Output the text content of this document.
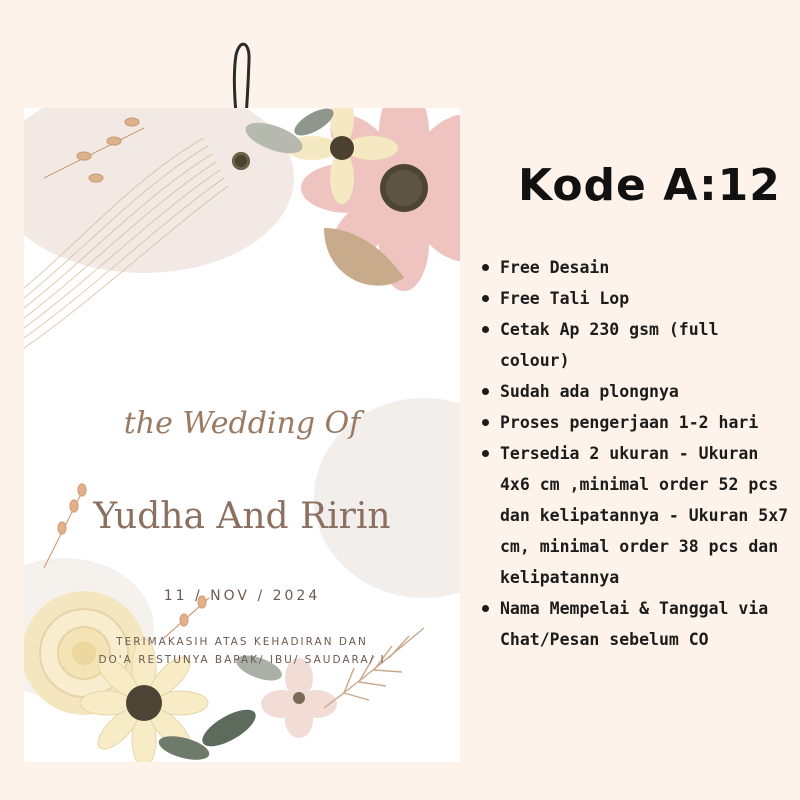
the Wedding Of
Yudha And Ririn
11 / NOV / 2024
TERIMAKASIH ATAS KEHADIRAN DAN
DO'A RESTUNYA BAPAK/ IBU/ SAUDARA/ I
Kode A:12
Free Desain
Free Tali Lop
Cetak Ap 230 gsm (full colour)
Sudah ada plongnya
Proses pengerjaan 1-2 hari
Tersedia 2 ukuran - Ukuran 4x6 cm ,minimal order 52 pcs dan kelipatannya - Ukuran 5x7 cm, minimal order 38 pcs dan kelipatannya
Nama Mempelai & Tanggal via Chat/Pesan sebelum CO
